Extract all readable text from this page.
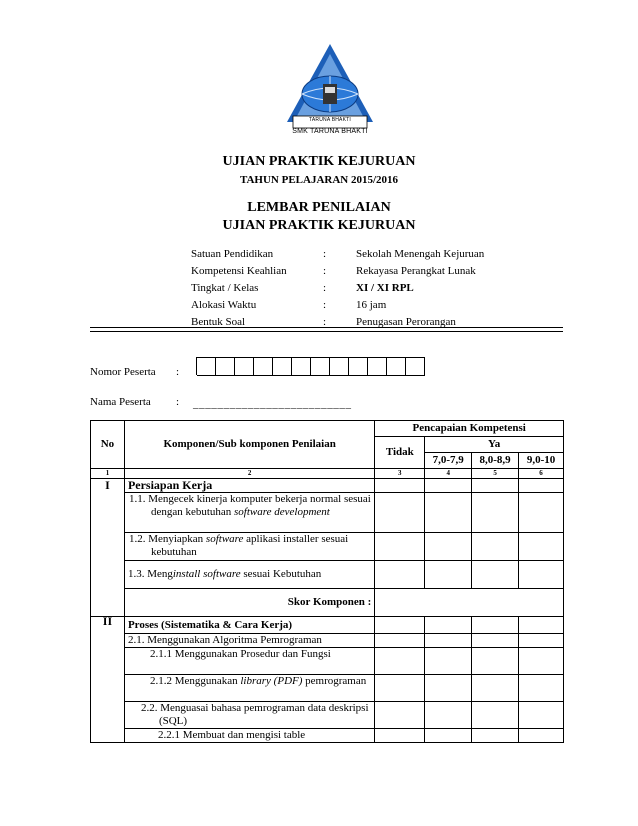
TARUNA BHAKTI
SMK TARUNA BHAKTI
UJIAN PRAKTIK KEJURUAN
TAHUN PELAJARAN 2015/2016
LEMBAR PENILAIAN
UJIAN PRAKTIK KEJURUAN
Satuan Pendidikan	:	Sekolah Menengah Kejuruan
Kompetensi Keahlian	:	Rekayasa Perangkat Lunak
Tingkat / Kelas	:	XI / XI RPL
Alokasi Waktu	:	16 jam
Bentuk Soal	:	Penugasan Perorangan
Nomor Peserta :
Nama Peserta : __________________________
No	Komponen/Sub komponen Penilaian	Pencapaian Kompetensi			
		Tidak	Ya		
			7,0-7,9	8,0-8,9	9,0-10
1	2	3	4	5	6
I	Persiapan Kerja				
	1.1. Mengecek kinerja komputer bekerja normal sesuai dengan kebutuhan software development				
	1.2. Menyiapkan software aplikasi installer sesuai kebutuhan				
	1.3. Menginstall software sesuai Kebutuhan				
	Skor Komponen :				

II	Proses (Sistematika & Cara Kerja)				
	2.1. Menggunakan Algoritma Pemrograman				
	2.1.1 Menggunakan Prosedur dan Fungsi				
	2.1.2 Menggunakan library (PDF) pemrograman				
	2.2. Menguasai bahasa pemrograman data deskripsi (SQL)				
	2.2.1 Membuat dan mengisi table				
